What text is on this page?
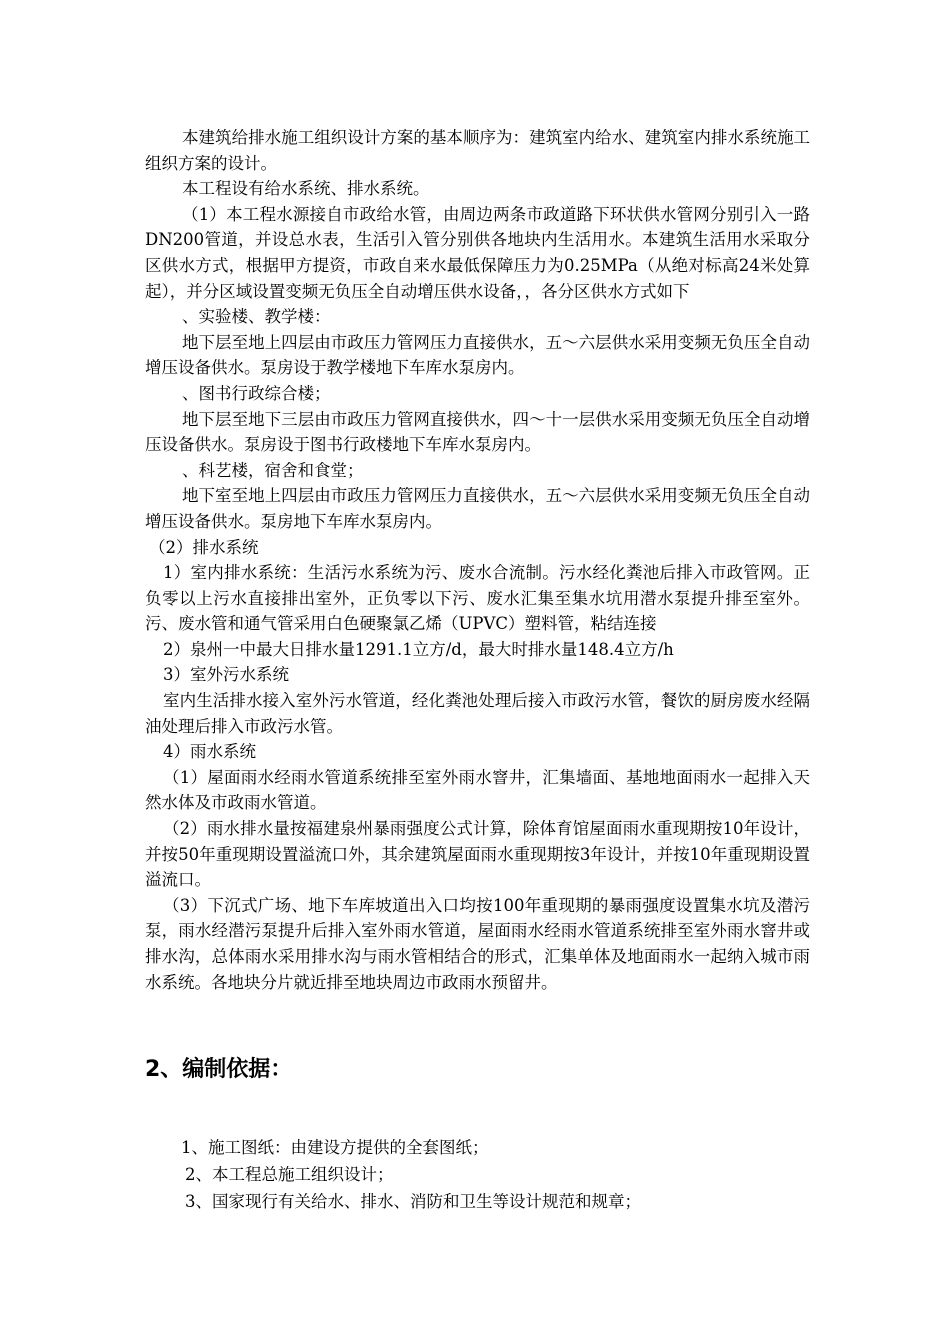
本建筑给排水施工组织设计方案的基本顺序为：建筑室内给水、建筑室内排水系统施工组织方案的设计。

本工程设有给水系统、排水系统。

（1）本工程水源接自市政给水管，由周边两条市政道路下环状供水管网分别引入一路DN200管道，并设总水表，生活引入管分别供各地块内生活用水。本建筑生活用水采取分区供水方式，根据甲方提资，市政自来水最低保障压力为0.25MPa（从绝对标高24米处算起），并分区域设置变频无负压全自动增压供水设备，，各分区供水方式如下

、实验楼、教学楼：

地下层至地上四层由市政压力管网压力直接供水，五～六层供水采用变频无负压全自动增压设备供水。泵房设于教学楼地下车库水泵房内。

、图书行政综合楼；

地下层至地下三层由市政压力管网直接供水，四～十一层供水采用变频无负压全自动增压设备供水。泵房设于图书行政楼地下车库水泵房内。

、科艺楼，宿舍和食堂；

地下室至地上四层由市政压力管网压力直接供水，五～六层供水采用变频无负压全自动增压设备供水。泵房地下车库水泵房内。

（2）排水系统

1）室内排水系统：生活污水系统为污、废水合流制。污水经化粪池后排入市政管网。正负零以上污水直接排出室外，正负零以下污、废水汇集至集水坑用潜水泵提升排至室外。污、废水管和通气管采用白色硬聚氯乙烯（UPVC）塑料管，粘结连接

2）泉州一中最大日排水量1291.1立方/d，最大时排水量148.4立方/h

3）室外污水系统

室内生活排水接入室外污水管道，经化粪池处理后接入市政污水管，餐饮的厨房废水经隔油处理后排入市政污水管。

4）雨水系统

（1）屋面雨水经雨水管道系统排至室外雨水窨井，汇集墙面、基地地面雨水一起排入天然水体及市政雨水管道。

（2）雨水排水量按福建泉州暴雨强度公式计算，除体育馆屋面雨水重现期按10年设计，并按50年重现期设置溢流口外，其余建筑屋面雨水重现期按3年设计，并按10年重现期设置溢流口。

（3）下沉式广场、地下车库坡道出入口均按100年重现期的暴雨强度设置集水坑及潜污泵，雨水经潜污泵提升后排入室外雨水管道，屋面雨水经雨水管道系统排至室外雨水窨井或排水沟，总体雨水采用排水沟与雨水管相结合的形式，汇集单体及地面雨水一起纳入城市雨水系统。各地块分片就近排至地块周边市政雨水预留井。

2、编制依据：

1、施工图纸：由建设方提供的全套图纸；

2、本工程总施工组织设计；

3、国家现行有关给水、排水、消防和卫生等设计规范和规章；
